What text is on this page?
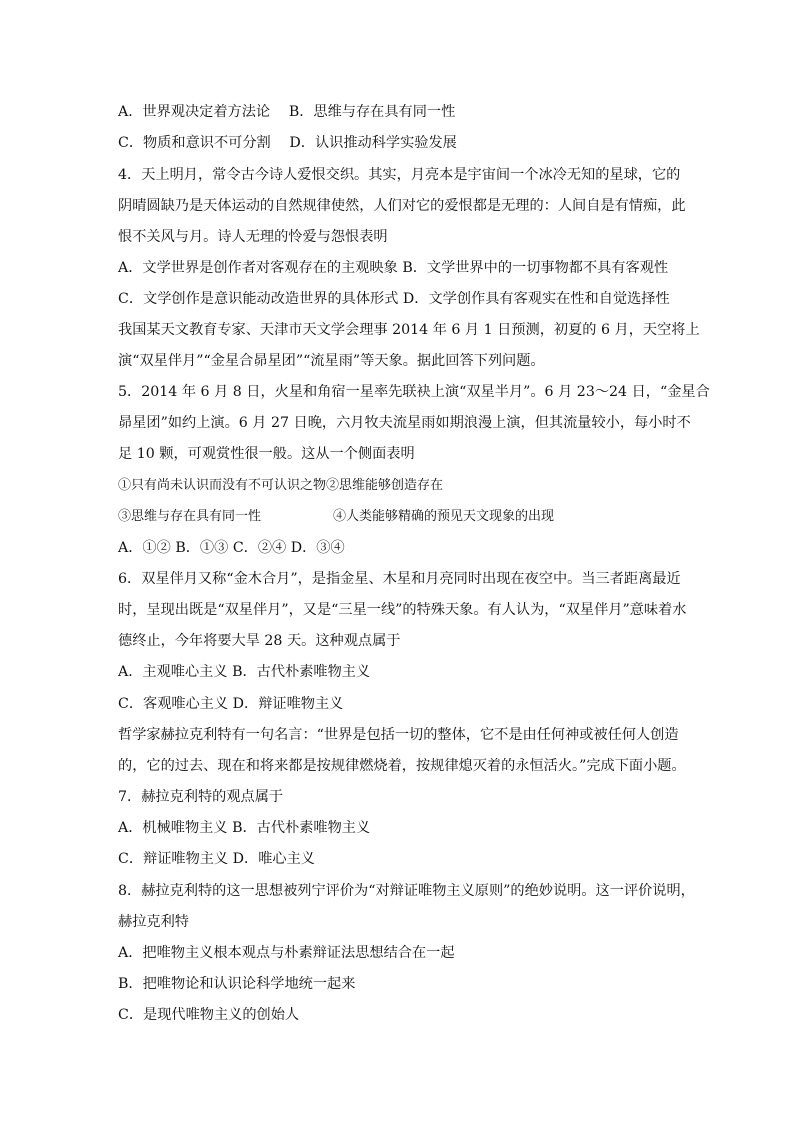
A．世界观决定着方法论　 B．思维与存在具有同一性
C．物质和意识不可分割　 D．认识推动科学实验发展
4．天上明月，常令古今诗人爱恨交织。其实，月亮本是宇宙间一个冰冷无知的星球，它的
阴晴圆缺乃是天体运动的自然规律使然，人们对它的爱恨都是无理的：人间自是有情痴，此
恨不关风与月。诗人无理的怜爱与怨恨表明
A．文学世界是创作者对客观存在的主观映象 B．文学世界中的一切事物都不具有客观性
C．文学创作是意识能动改造世界的具体形式 D．文学创作具有客观实在性和自觉选择性
我国某天文教育专家、天津市天文学会理事 2014 年 6 月 1 日预测，初夏的 6 月，天空将上
演“双星伴月”“金星合昴星团”“流星雨”等天象。据此回答下列问题。
5．2014 年 6 月 8 日，火星和角宿一星率先联袂上演“双星半月”。6 月 23～24 日，“金星合
昴星团”如约上演。6 月 27 日晚，六月牧夫流星雨如期浪漫上演，但其流量较小，每小时不
足 10 颗，可观赏性很一般。这从一个侧面表明
①只有尚未认识而没有不可认识之物②思维能够创造存在
③思维与存在具有同一性	④人类能够精确的预见天文现象的出现
A．①② B．①③ C．②④ D．③④
6．双星伴月又称“金木合月”，是指金星、木星和月亮同时出现在夜空中。当三者距离最近
时，呈现出既是“双星伴月”，又是“三星一线”的特殊天象。有人认为，“双星伴月”意味着水
德终止，今年将要大旱 28 天。这种观点属于
A．主观唯心主义 B．古代朴素唯物主义
C．客观唯心主义 D．辩证唯物主义
哲学家赫拉克利特有一句名言：“世界是包括一切的整体，它不是由任何神或被任何人创造
的，它的过去、现在和将来都是按规律燃烧着，按规律熄灭着的永恒活火。”完成下面小题。
7．赫拉克利特的观点属于
A．机械唯物主义 B．古代朴素唯物主义
C．辩证唯物主义 D．唯心主义
8．赫拉克利特的这一思想被列宁评价为“对辩证唯物主义原则”的绝妙说明。这一评价说明，
赫拉克利特
A．把唯物主义根本观点与朴素辩证法思想结合在一起
B．把唯物论和认识论科学地统一起来
C．是现代唯物主义的创始人
